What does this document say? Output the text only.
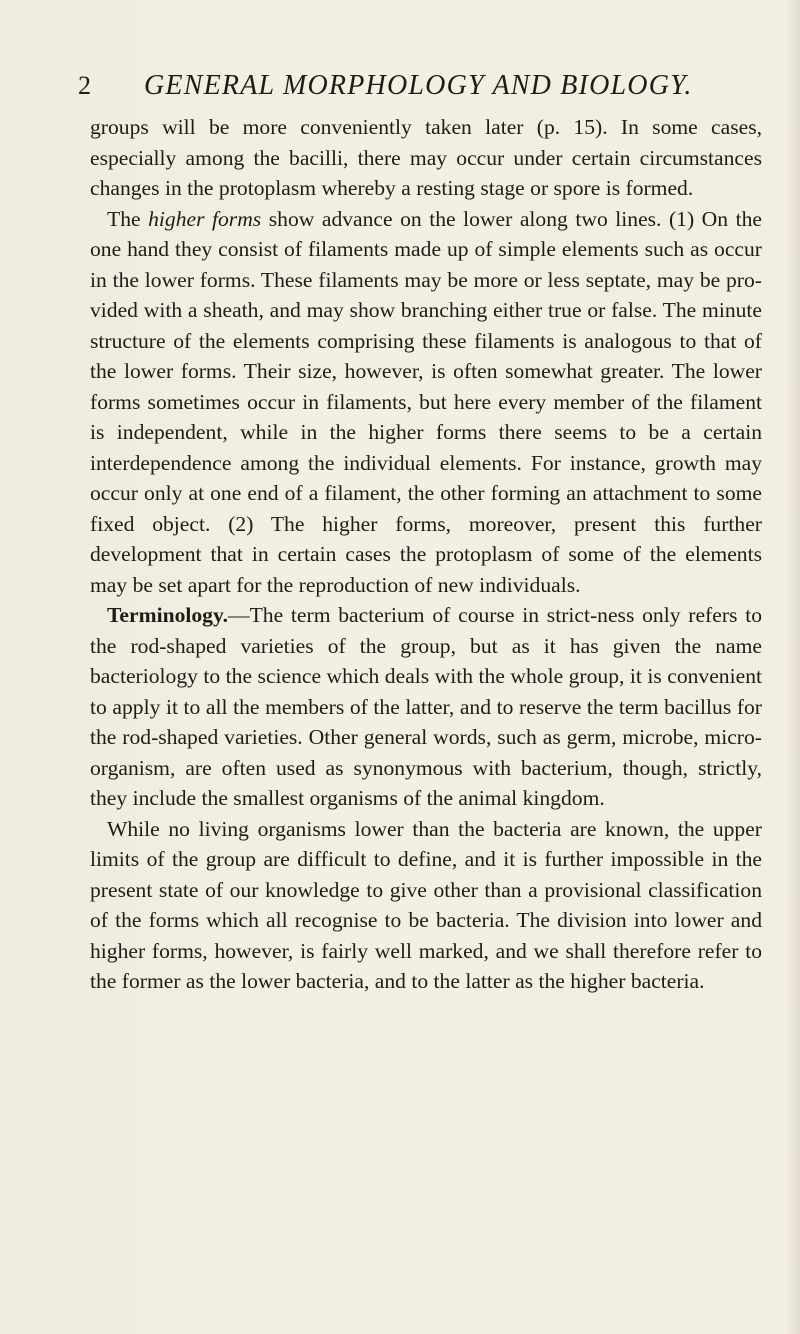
2 GENERAL MORPHOLOGY AND BIOLOGY.

groups will be more conveniently taken later (p. 15). In some cases, especially among the bacilli, there may occur under certain circumstances changes in the protoplasm whereby a resting stage or spore is formed.

The higher forms show advance on the lower along two lines. (1) On the one hand they consist of filaments made up of simple elements such as occur in the lower forms. These filaments may be more or less septate, may be pro-vided with a sheath, and may show branching either true or false. The minute structure of the elements comprising these filaments is analogous to that of the lower forms. Their size, however, is often somewhat greater. The lower forms sometimes occur in filaments, but here every member of the filament is independent, while in the higher forms there seems to be a certain interdependence among the individual elements. For instance, growth may occur only at one end of a filament, the other forming an attachment to some fixed object. (2) The higher forms, moreover, present this further development that in certain cases the protoplasm of some of the elements may be set apart for the reproduction of new individuals.

Terminology.—The term bacterium of course in strict-ness only refers to the rod-shaped varieties of the group, but as it has given the name bacteriology to the science which deals with the whole group, it is convenient to apply it to all the members of the latter, and to reserve the term bacillus for the rod-shaped varieties. Other general words, such as germ, microbe, micro-organism, are often used as synonymous with bacterium, though, strictly, they include the smallest organisms of the animal kingdom.

While no living organisms lower than the bacteria are known, the upper limits of the group are difficult to define, and it is further impossible in the present state of our knowledge to give other than a provisional classification of the forms which all recognise to be bacteria. The division into lower and higher forms, however, is fairly well marked, and we shall therefore refer to the former as the lower bacteria, and to the latter as the higher bacteria.
